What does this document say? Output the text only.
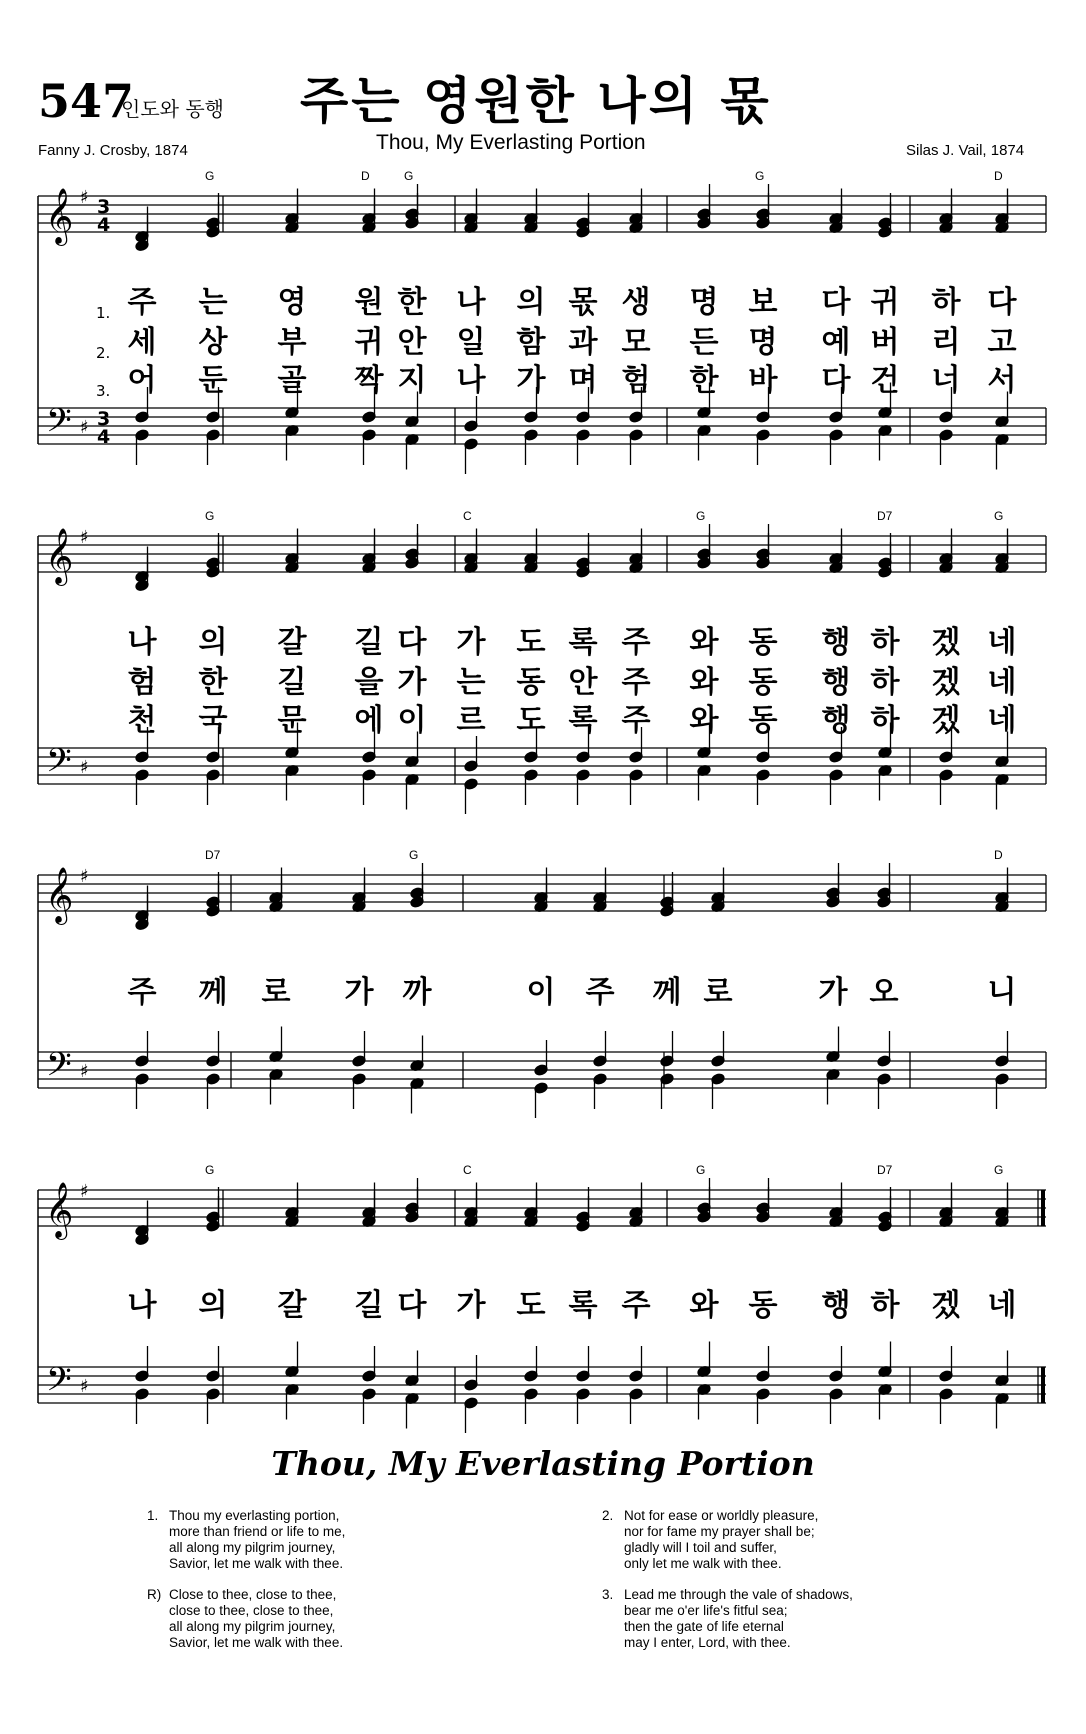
547
인도와 동행 주는 영원한 나의 몫
Thou, My Everlasting Portion
Fanny J. Crosby, 1874	Silas J. Vail, 1874
𝄞
𝄢
♯
♯
3
4
3
4
G	D	G	G	D
1. 주 는 영 원 한 나 의 몫 생 명 보 다 귀 하 다
2. 세 상 부 귀 안 일 함 과 모 든 명 예 버 리 고
3. 어 둔 골 짝 지 나 가 며 험 한 바 다 건 너 서
𝄞
𝄢
♯
♯
G	C	G	D7	G
나 의 갈 길 다 가 도 록 주 와 동 행 하 겠 네
험 한 길 을 가 는 동 안 주 와 동 행 하 겠 네
천 국 문 에 이 르 도 록 주 와 동 행 하 겠 네
𝄞
𝄢
♯
♯
D7	G	D
주 께 로 가 까	이 주 께 로	가 오	니
𝄞
𝄢
♯
♯
G	C	G	D7	G
나 의 갈 길 다 가 도 록 주 와 동 행 하 겠 네
Thou, My Everlasting Portion
1. Thou my everlasting portion,
more than friend or life to me,
all along my pilgrim journey,
Savior, let me walk with thee.
R) Close to thee, close to thee,
close to thee, close to thee,
all along my pilgrim journey,
Savior, let me walk with thee.
2. Not for ease or worldly pleasure,
nor for fame my prayer shall be;
gladly will I toil and suffer,
only let me walk with thee.
3. Lead me through the vale of shadows,
bear me o'er life's fitful sea;
then the gate of life eternal
may I enter, Lord, with thee.
